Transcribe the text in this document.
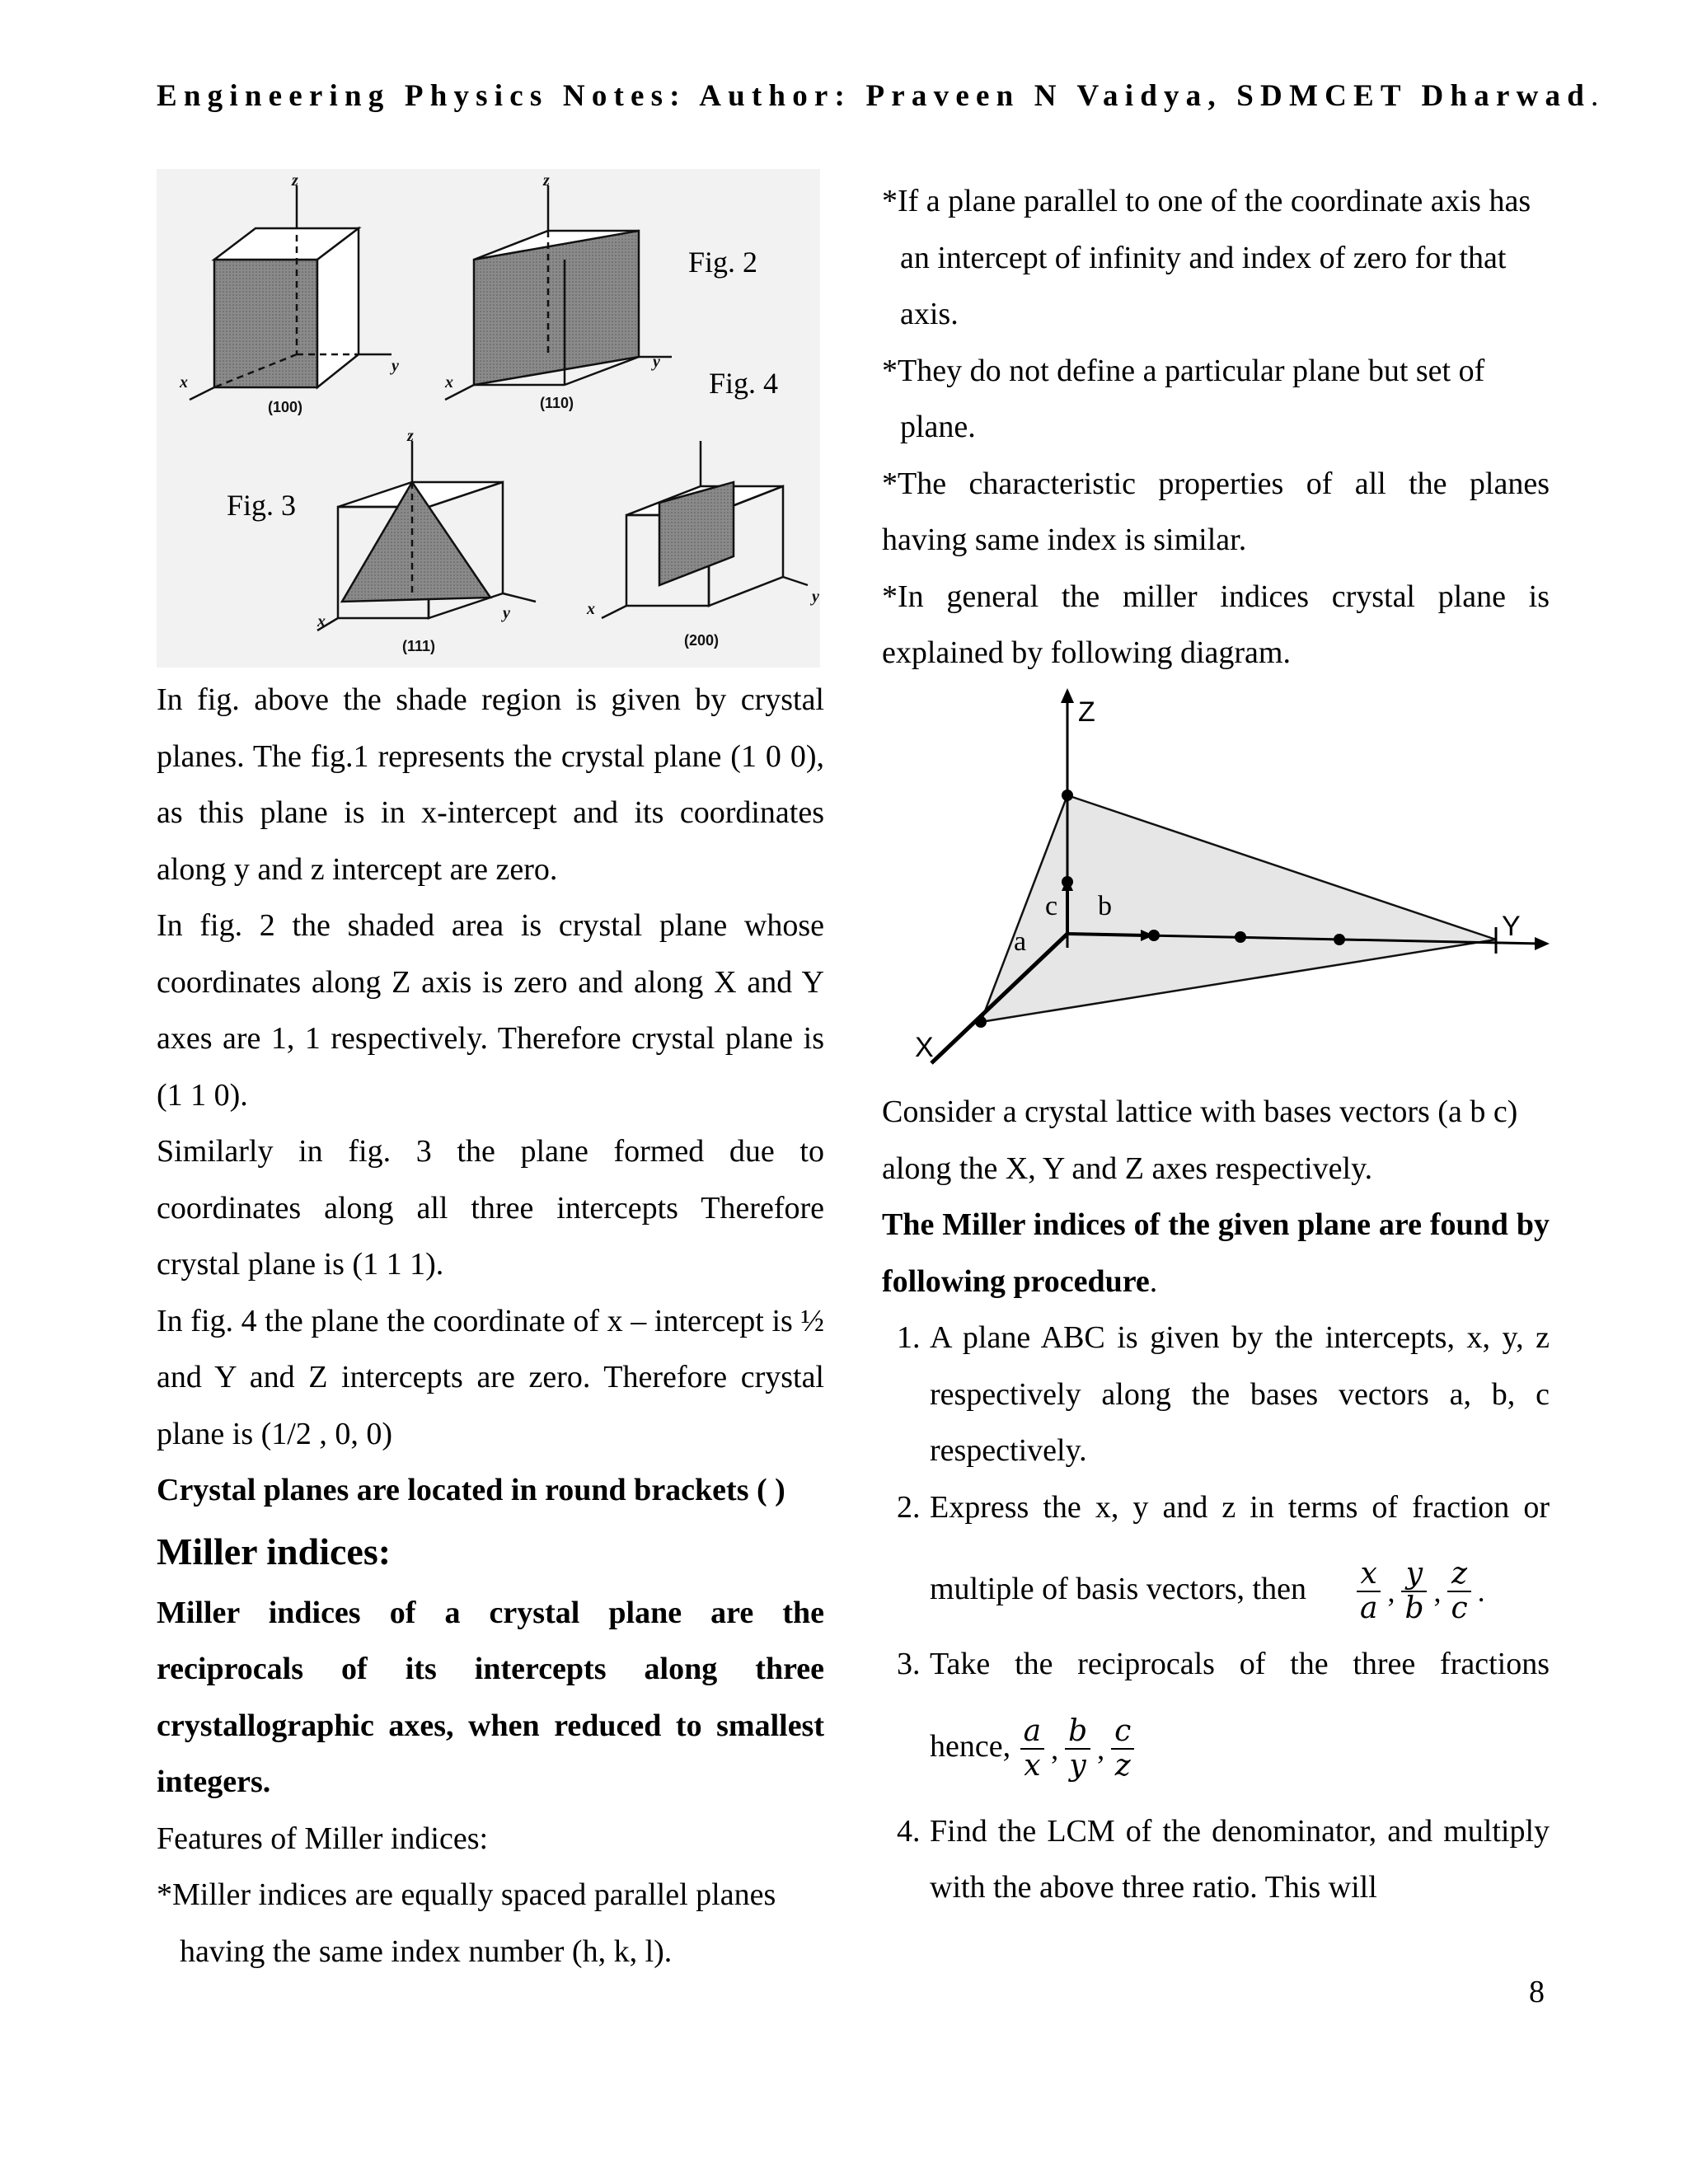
Engineering Physics Notes: Author: Praveen N Vaidya, SDMCET Dharwad.
z
y
x
z
y
x
z
y
x
y
x
(100)	(110)
(111)	(200)
Fig. 2
Fig. 4
Fig. 3

In fig. above the shade region is given by crystal planes. The fig.1 represents the crystal plane (1 0 0), as this plane is in x-intercept and its coordinates along y and z intercept are zero.

In fig. 2 the shaded area is crystal plane whose coordinates along Z axis is zero and along X and Y axes are 1, 1 respectively. Therefore crystal plane is (1 1 0).

Similarly in fig. 3 the plane formed due to coordinates along all three intercepts Therefore crystal plane is (1 1 1).

In fig. 4 the plane the coordinate of x – intercept is ½ and Y and Z intercepts are zero. Therefore crystal plane is (1/2 , 0, 0)

Crystal planes are located in round brackets ( )

Miller indices:

Miller indices of a crystal plane are the reciprocals of its intercepts along three crystallographic axes, when reduced to smallest integers.

Features of Miller indices:

*Miller indices are equally spaced parallel planes having the same index number (h, k, l).

*If a plane parallel to one of the coordinate axis has an intercept of infinity and index of zero for that axis.

*They do not define a particular plane but set of plane.

*The characteristic properties of all the planes having same index is similar.

*In general the miller indices crystal plane is explained by following diagram.

Z
Y
X
a
b
c

Consider a crystal lattice with bases vectors (a b c) along the X, Y and Z axes respectively.

The Miller indices of the given plane are found by following procedure.

1. A plane ABC is given by the intercepts, x, y, z respectively along the bases vectors a, b, c respectively.
2. Express the x, y and z in terms of fraction or
multiple of basis vectors, then $\frac{x}{a}$ , $\frac{y}{b}$ , $\frac{z}{c}$ .
3. Take the reciprocals of the three fractions
hence, $\frac{a}{x}$ , $\frac{b}{y}$ , $\frac{c}{z}$
4. Find the LCM of the denominator, and multiply with the above three ratio. This will
8
